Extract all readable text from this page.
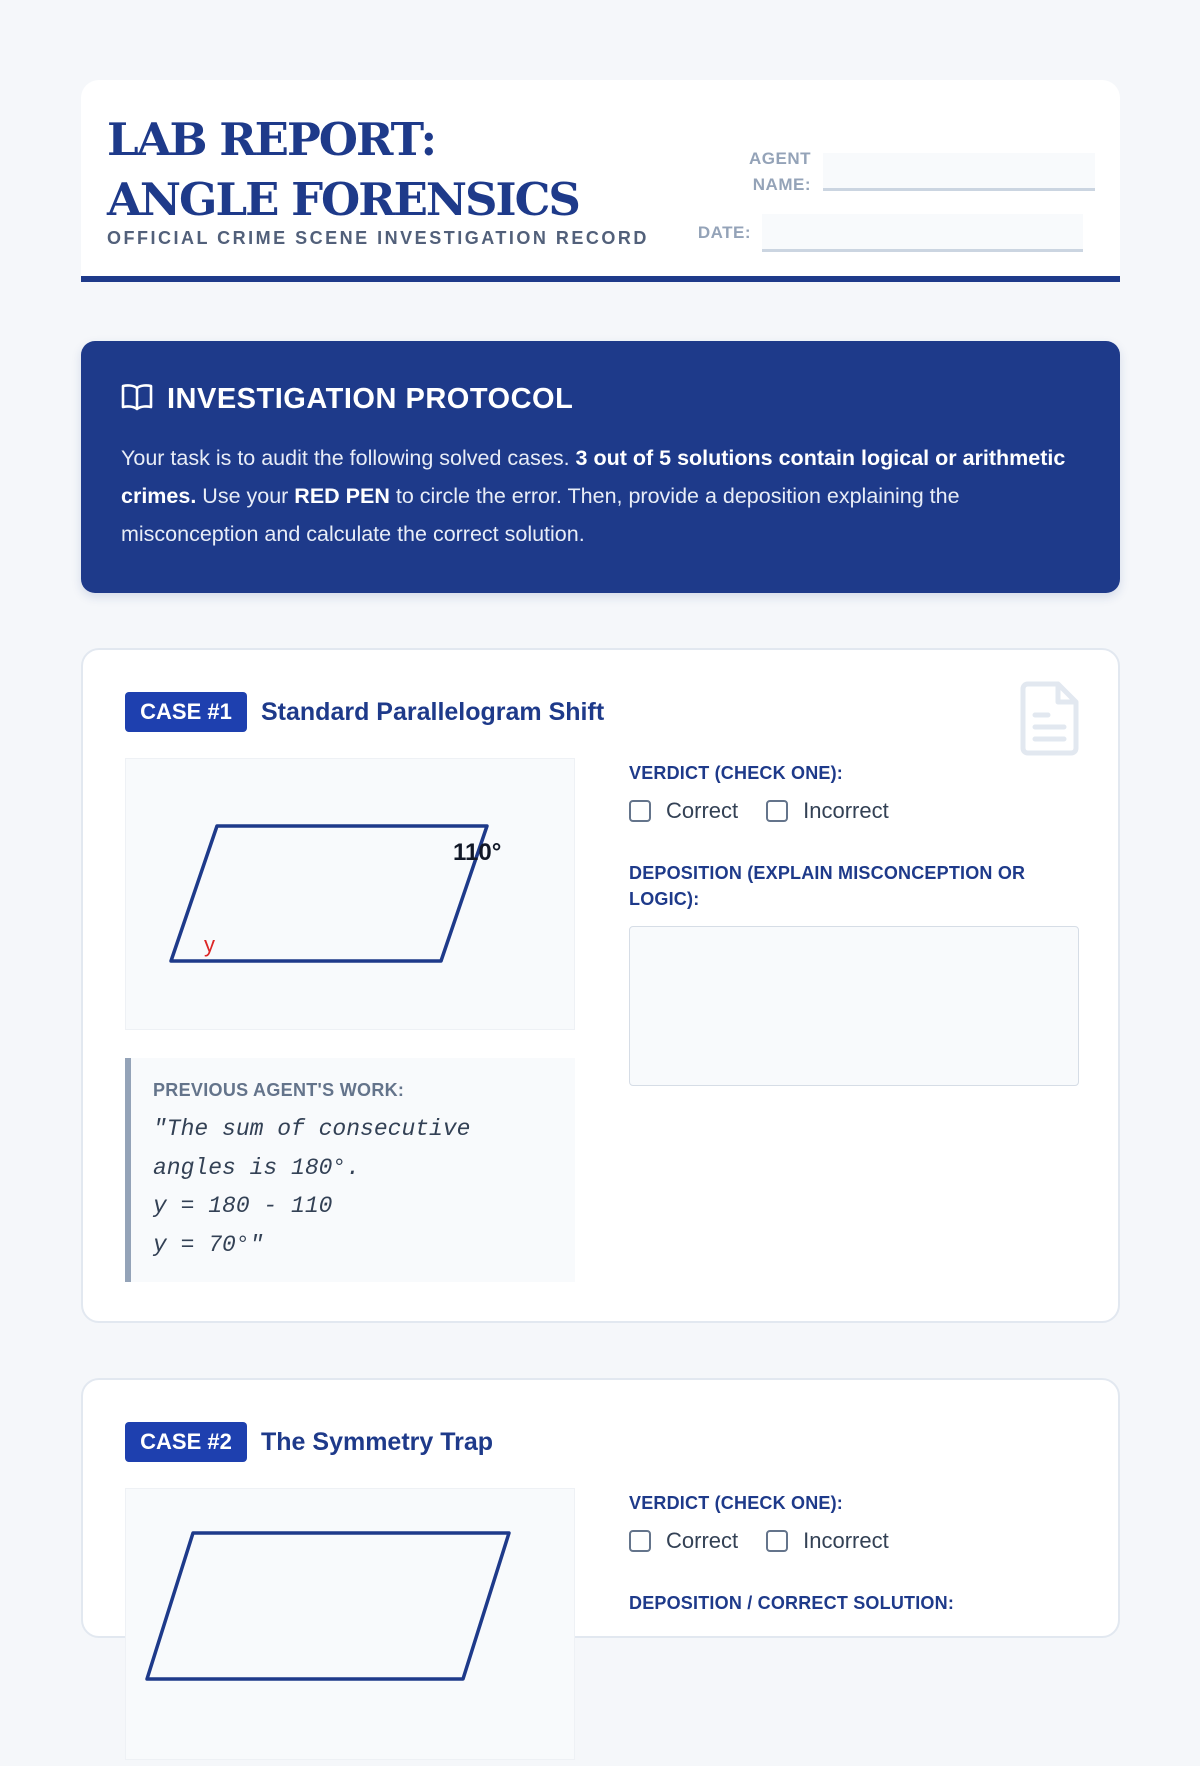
LAB REPORT: ANGLE FORENSICS
OFFICIAL CRIME SCENE INVESTIGATION RECORD
AGENT
NAME:
DATE:
INVESTIGATION PROTOCOL
Your task is to audit the following solved cases. 3 out of 5 solutions contain logical or arithmetic crimes. Use your RED PEN to circle the error. Then, provide a deposition explaining the misconception and calculate the correct solution.
CASE #1	Standard Parallelogram Shift
110°
y
PREVIOUS AGENT'S WORK:
"The sum of consecutive
angles is 180°.
y = 180 - 110
y = 70°"
VERDICT (CHECK ONE):
Correct	Incorrect
DEPOSITION (EXPLAIN MISCONCEPTION OR LOGIC):
CASE #2	The Symmetry Trap
VERDICT (CHECK ONE):
Correct	Incorrect
DEPOSITION / CORRECT SOLUTION:
